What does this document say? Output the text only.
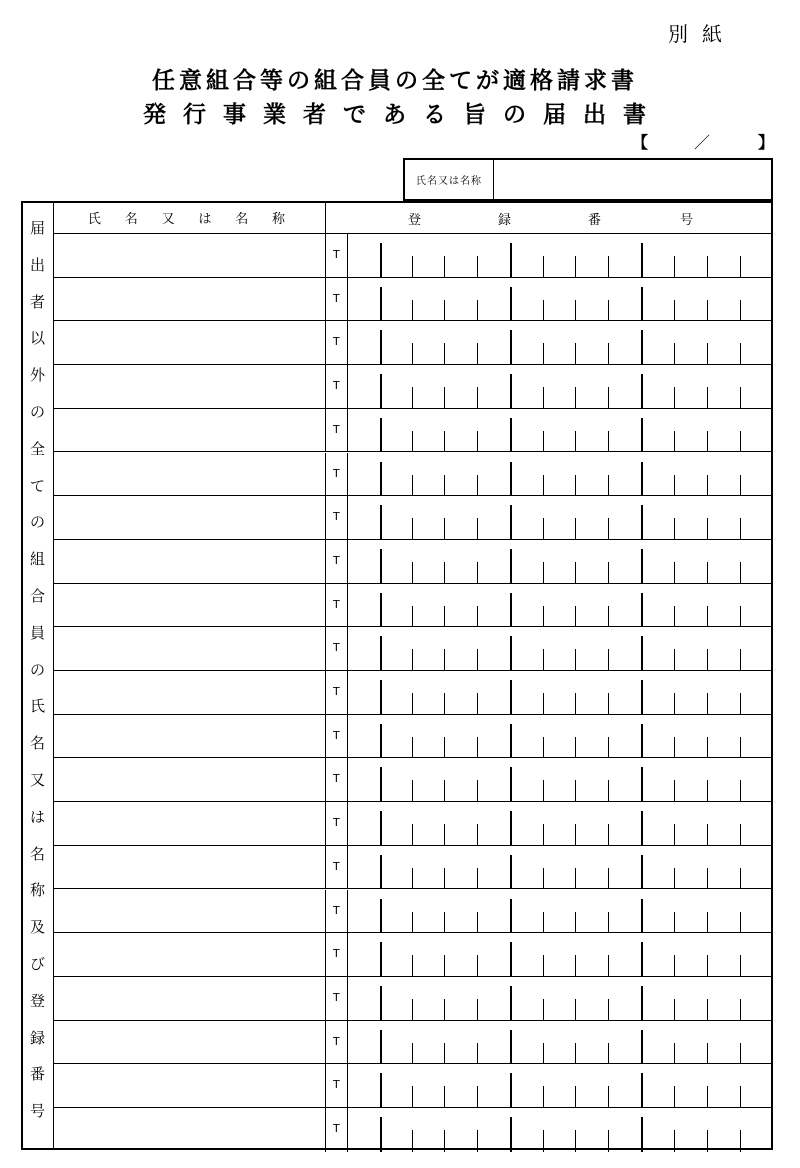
別紙
任意組合等の組合員の全てが適格請求書
発行事業者である旨の届出書
【	／	】
氏名又は名称
届
出
者
以
外
の
全
て
の
組
合
員
の
氏
名
又
は
名
称
及
び
登
録
番
号
氏 名 又 は 名 称	登	録	番	号
T
T
T
T
T
T
T
T
T
T
T
T
T
T
T
T
T
T
T
T
T
